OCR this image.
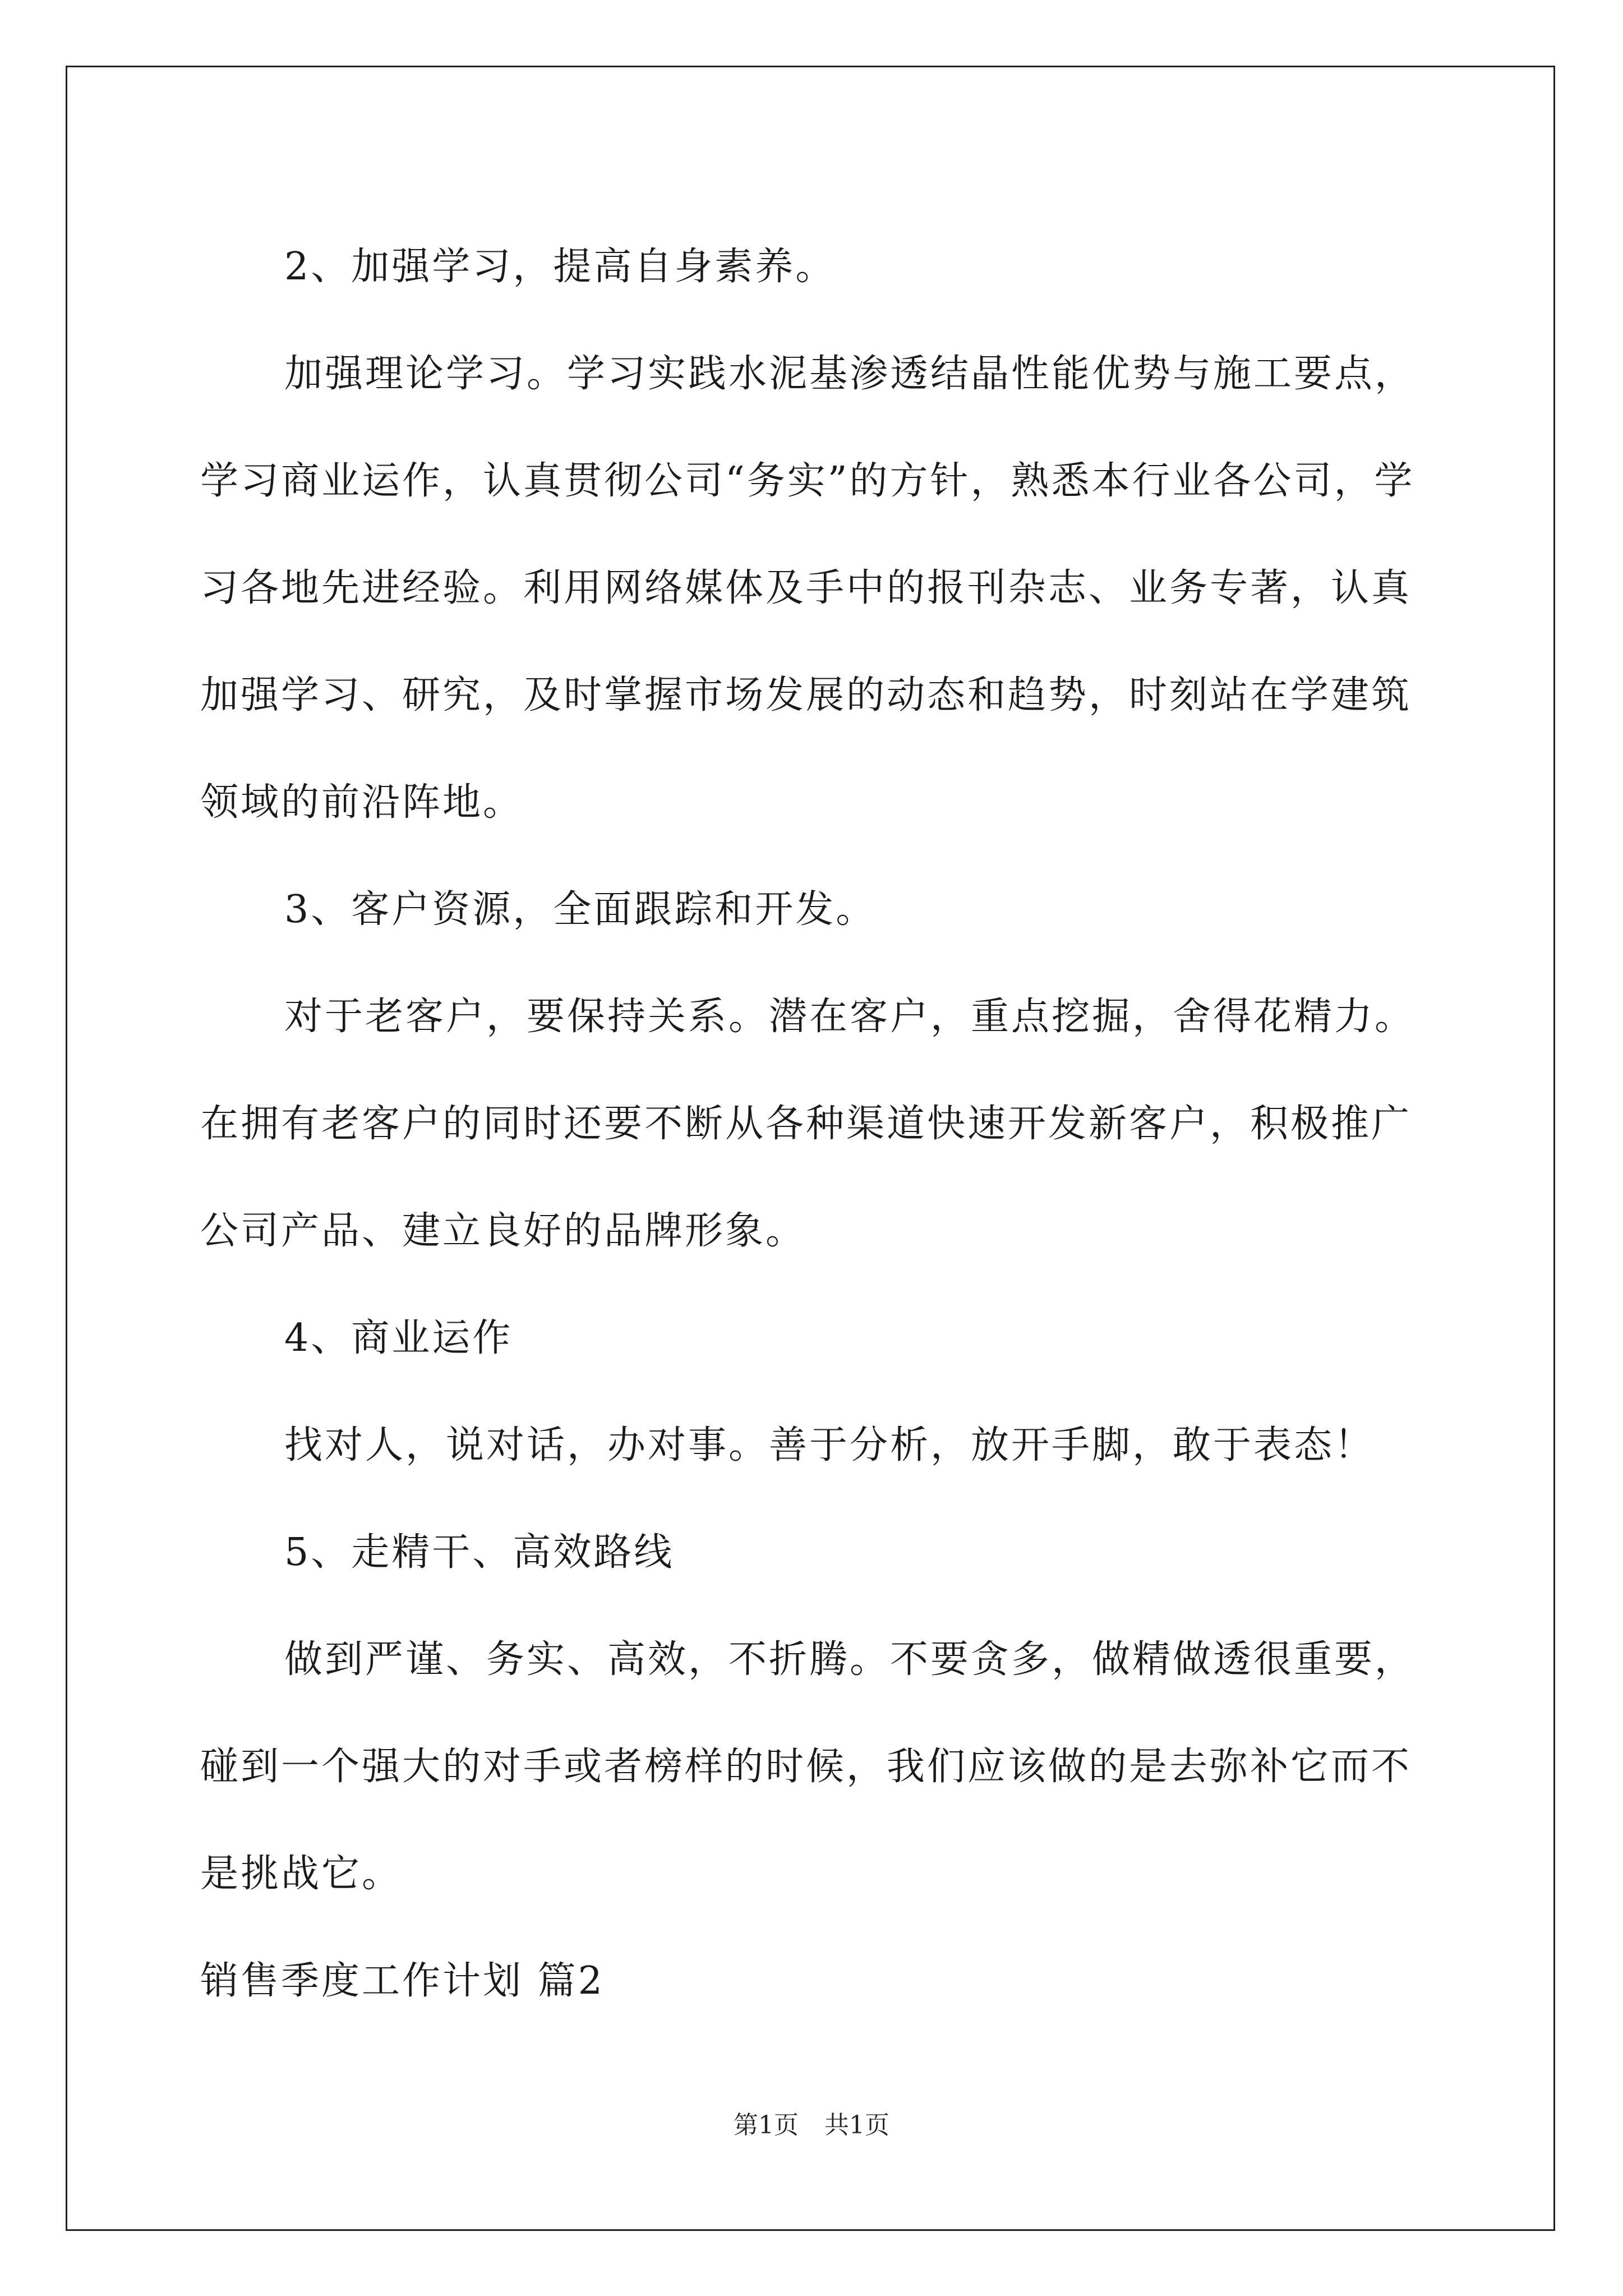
2、加强学习，提高自身素养。

加强理论学习。学习实践水泥基渗透结晶性能优势与施工要点，学习商业运作，认真贯彻公司“务实”的方针，熟悉本行业各公司，学习各地先进经验。利用网络媒体及手中的报刊杂志、业务专著，认真加强学习、研究，及时掌握市场发展的动态和趋势，时刻站在学建筑领域的前沿阵地。

3、客户资源，全面跟踪和开发。

对于老客户，要保持关系。潜在客户，重点挖掘，舍得花精力。在拥有老客户的同时还要不断从各种渠道快速开发新客户，积极推广公司产品、建立良好的品牌形象。

4、商业运作

找对人，说对话，办对事。善于分析，放开手脚，敢于表态！

5、走精干、高效路线

做到严谨、务实、高效，不折腾。不要贪多，做精做透很重要，碰到一个强大的对手或者榜样的时候，我们应该做的是去弥补它而不是挑战它。

销售季度工作计划 篇2

第1页 共1页
